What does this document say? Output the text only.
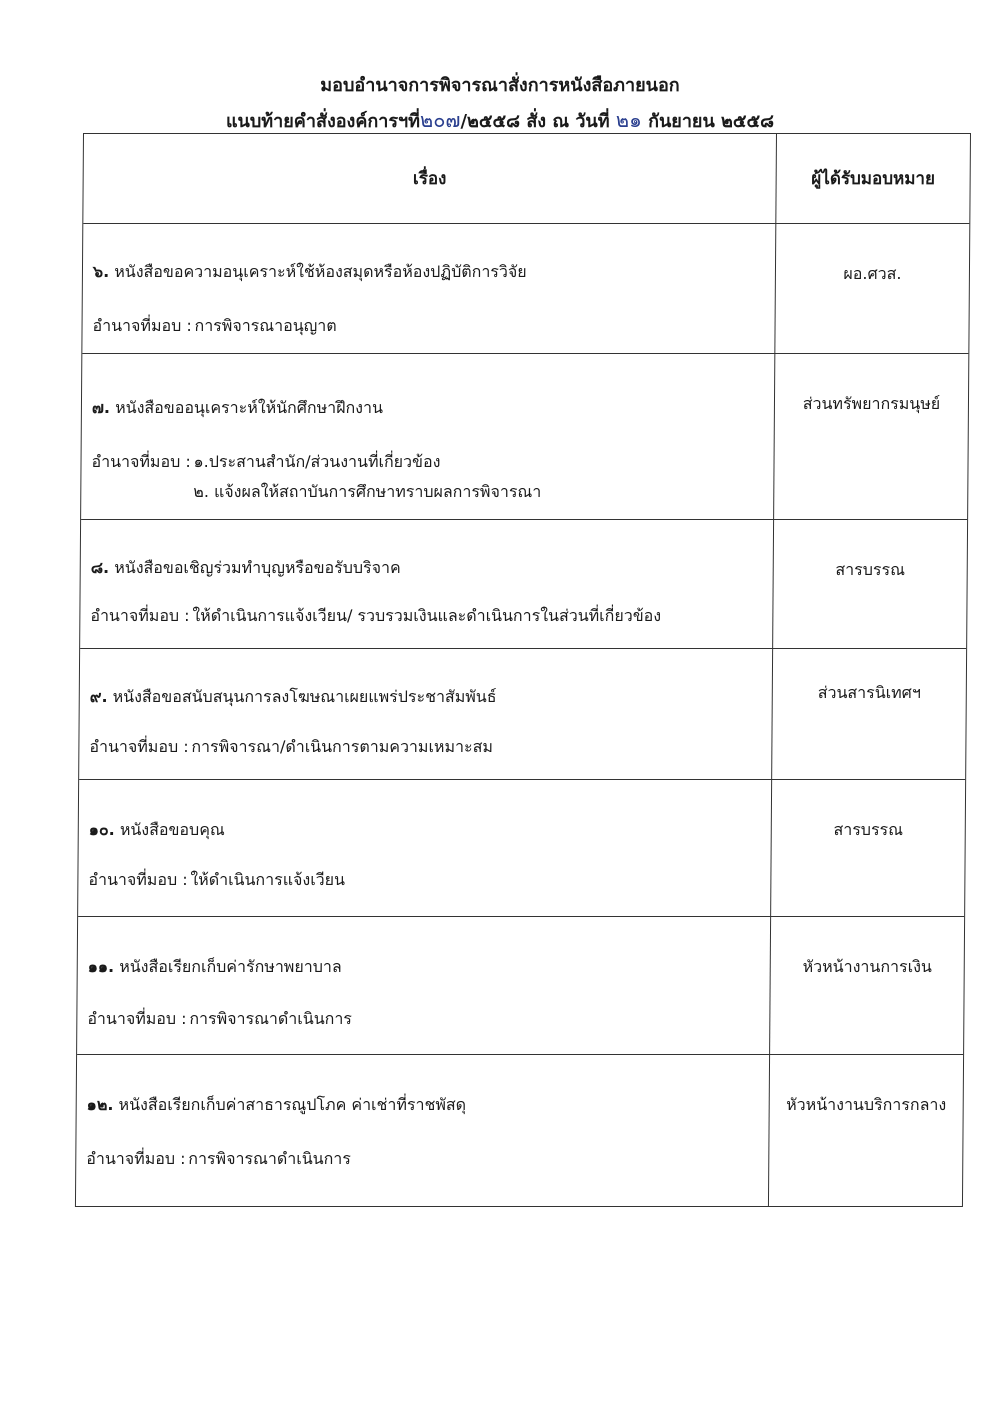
มอบอำนาจการพิจารณาสั่งการหนังสือภายนอก
แนบท้ายคำสั่งองค์การฯที่๒๐๗/๒๕๕๘ สั่ง ณ วันที่ ๒๑ กันยายน ๒๕๕๘
เรื่อง	ผู้ได้รับมอบหมาย
๖. หนังสือขอความอนุเคราะห์ใช้ห้องสมุดหรือห้องปฏิบัติการวิจัย
อำนาจที่มอบ : การพิจารณาอนุญาต
ผอ.ศวส.
๗. หนังสือขออนุเคราะห์ให้นักศึกษาฝึกงาน
อำนาจที่มอบ : ๑.ประสานสำนัก/ส่วนงานที่เกี่ยวข้อง
๒. แจ้งผลให้สถาบันการศึกษาทราบผลการพิจารณา
ส่วนทรัพยากรมนุษย์
๘. หนังสือขอเชิญร่วมทำบุญหรือขอรับบริจาค
อำนาจที่มอบ : ให้ดำเนินการแจ้งเวียน/ รวบรวมเงินและดำเนินการในส่วนที่เกี่ยวข้อง
สารบรรณ
๙. หนังสือขอสนับสนุนการลงโฆษณาเผยแพร่ประชาสัมพันธ์
อำนาจที่มอบ : การพิจารณา/ดำเนินการตามความเหมาะสม
ส่วนสารนิเทศฯ
๑๐. หนังสือขอบคุณ
อำนาจที่มอบ : ให้ดำเนินการแจ้งเวียน
สารบรรณ
๑๑. หนังสือเรียกเก็บค่ารักษาพยาบาล
อำนาจที่มอบ : การพิจารณาดำเนินการ
หัวหน้างานการเงิน
๑๒. หนังสือเรียกเก็บค่าสาธารณูปโภค ค่าเช่าที่ราชพัสดุ
อำนาจที่มอบ : การพิจารณาดำเนินการ
หัวหน้างานบริการกลาง
